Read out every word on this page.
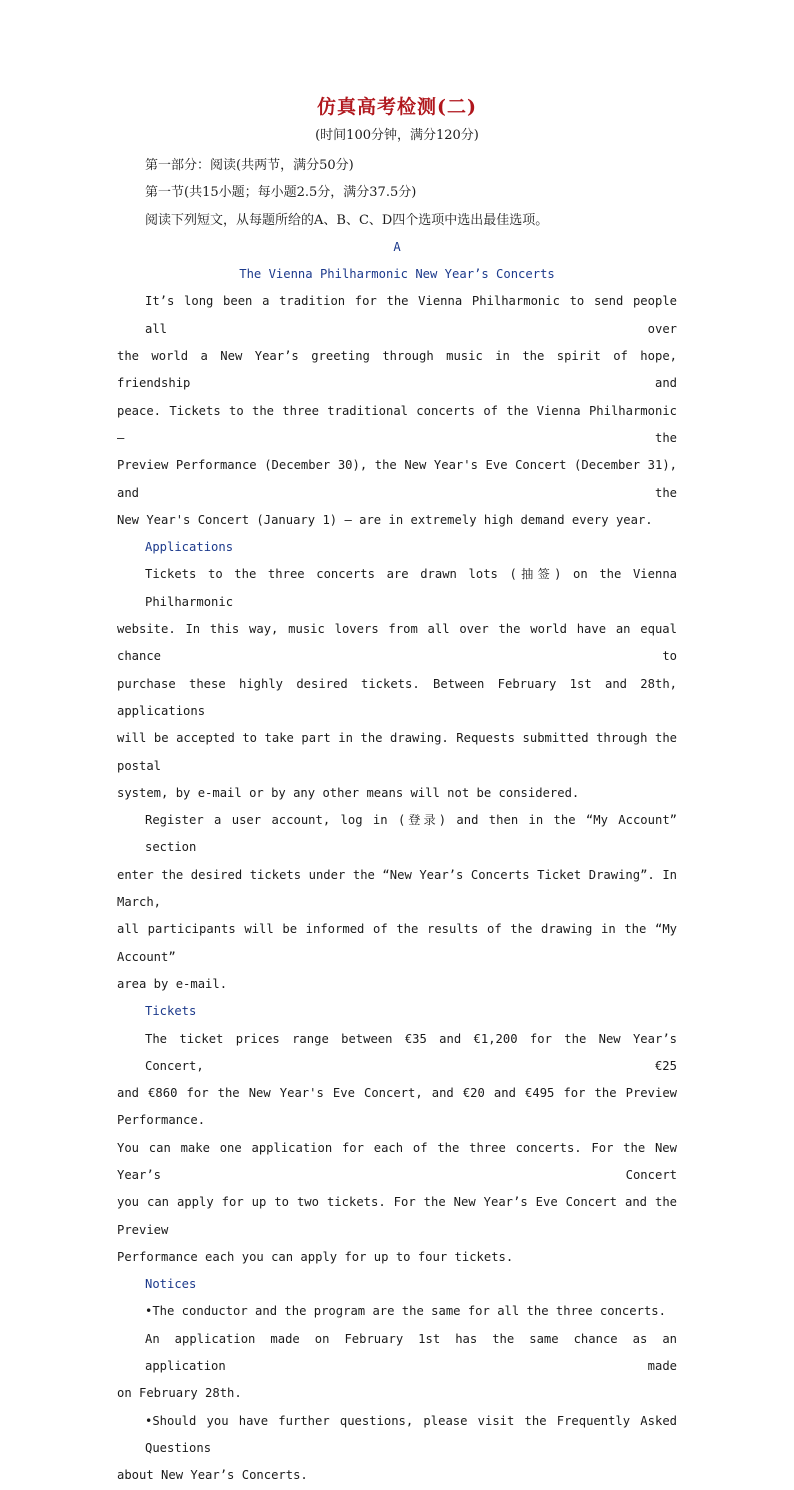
仿真高考检测(二)
(时间100分钟，满分120分)
第一部分：阅读(共两节，满分50分)
第一节(共15小题；每小题2.5分，满分37.5分)
阅读下列短文，从每题所给的A、B、C、D四个选项中选出最佳选项。
A
The Vienna Philharmonic New Year’s Concerts

It’s long been a tradition for the Vienna Philharmonic to send people all over

the world a New Year’s greeting through music in the spirit of hope, friendship and

peace. Tickets to the three traditional concerts of the Vienna Philharmonic — the

Preview Performance (December 30), the New Year's Eve Concert (December 31), and the

New Year's Concert (January 1) — are in extremely high demand every year.

Applications

Tickets to the three concerts are drawn lots (抽签) on the Vienna Philharmonic

website. In this way, music lovers from all over the world have an equal chance to

purchase these highly desired tickets. Between February 1st and 28th, applications

will be accepted to take part in the drawing. Requests submitted through the postal

system, by e-mail or by any other means will not be considered.

Register a user account, log in (登录) and then in the “My Account” section

enter the desired tickets under the “New Year’s Concerts Ticket Drawing”. In March,

all participants will be informed of the results of the drawing in the “My Account”

area by e-mail.

Tickets

The ticket prices range between €35 and €1,200 for the New Year’s Concert, €25

and €860 for the New Year's Eve Concert, and €20 and €495 for the Preview Performance.

You can make one application for each of the three concerts. For the New Year’s Concert

you can apply for up to two tickets. For the New Year’s Eve Concert and the Preview

Performance each you can apply for up to four tickets.

Notices

•The conductor and the program are the same for all the three concerts.

An application made on February 1st has the same chance as an application made

on February 28th.

•Should you have further questions, please visit the Frequently Asked Questions

about New Year’s Concerts.
